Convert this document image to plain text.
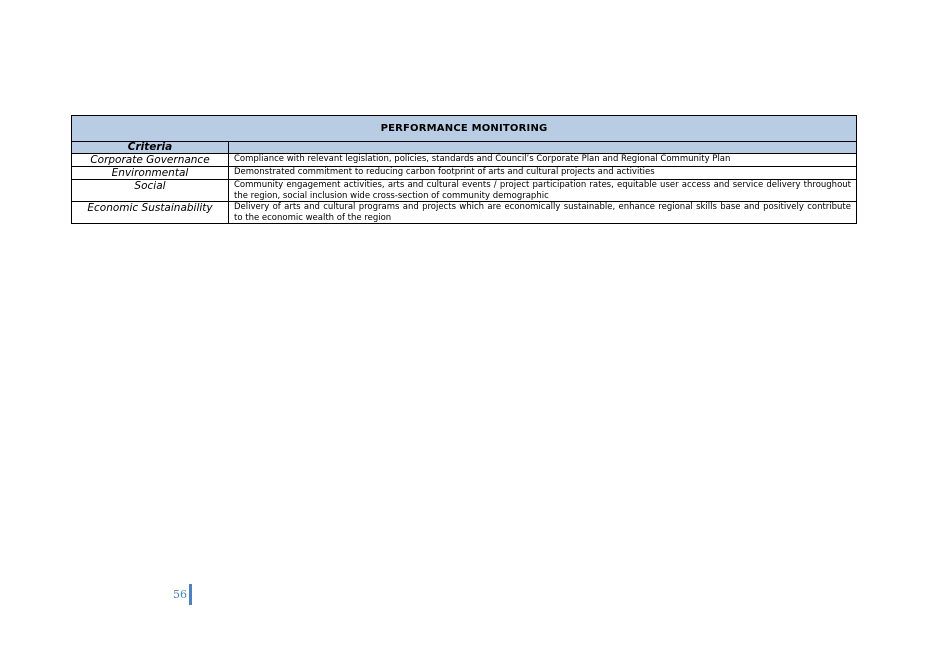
PERFORMANCE MONITORING	
Criteria	
Corporate Governance	Compliance with relevant legislation, policies, standards and Council’s Corporate Plan and Regional Community Plan
Environmental	Demonstrated commitment to reducing carbon footprint of arts and cultural projects and activities
Social	Community engagement activities, arts and cultural events / project participation rates, equitable user access and service delivery throughout the region, social inclusion wide cross-section of community demographic
Economic Sustainability	Delivery of arts and cultural programs and projects which are economically sustainable, enhance regional skills base and positively contribute to the economic wealth of the region
56
